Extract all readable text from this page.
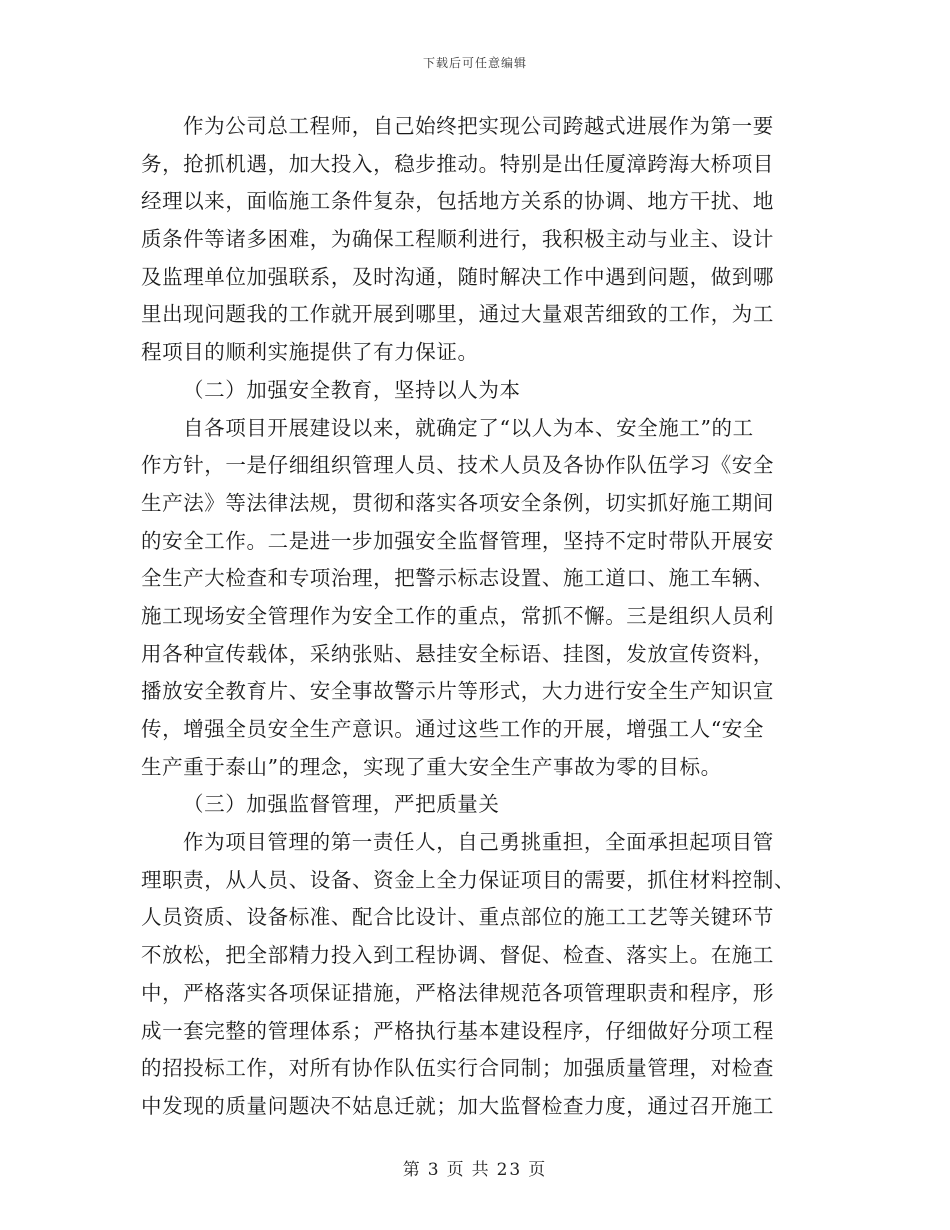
下载后可任意编辑
作为公司总工程师，自己始终把实现公司跨越式进展作为第一要
务，抢抓机遇，加大投入，稳步推动。特别是出任厦漳跨海大桥项目
经理以来，面临施工条件复杂，包括地方关系的协调、地方干扰、地
质条件等诸多困难，为确保工程顺利进行，我积极主动与业主、设计
及监理单位加强联系，及时沟通，随时解决工作中遇到问题，做到哪
里出现问题我的工作就开展到哪里，通过大量艰苦细致的工作，为工
程项目的顺利实施提供了有力保证。
（二）加强安全教育，坚持以人为本
自各项目开展建设以来，就确定了“以人为本、安全施工”的工
作方针，一是仔细组织管理人员、技术人员及各协作队伍学习《安全
生产法》等法律法规，贯彻和落实各项安全条例，切实抓好施工期间
的安全工作。二是进一步加强安全监督管理，坚持不定时带队开展安
全生产大检查和专项治理，把警示标志设置、施工道口、施工车辆、
施工现场安全管理作为安全工作的重点，常抓不懈。三是组织人员利
用各种宣传载体，采纳张贴、悬挂安全标语、挂图，发放宣传资料，
播放安全教育片、安全事故警示片等形式，大力进行安全生产知识宣
传，增强全员安全生产意识。通过这些工作的开展，增强工人“安全
生产重于泰山”的理念，实现了重大安全生产事故为零的目标。
（三）加强监督管理，严把质量关
作为项目管理的第一责任人，自己勇挑重担，全面承担起项目管
理职责，从人员、设备、资金上全力保证项目的需要，抓住材料控制、
人员资质、设备标准、配合比设计、重点部位的施工工艺等关键环节
不放松，把全部精力投入到工程协调、督促、检查、落实上。在施工
中，严格落实各项保证措施，严格法律规范各项管理职责和程序，形
成一套完整的管理体系；严格执行基本建设程序，仔细做好分项工程
的招投标工作，对所有协作队伍实行合同制；加强质量管理，对检查
中发现的质量问题决不姑息迁就；加大监督检查力度，通过召开施工
第 3 页 共 23 页
